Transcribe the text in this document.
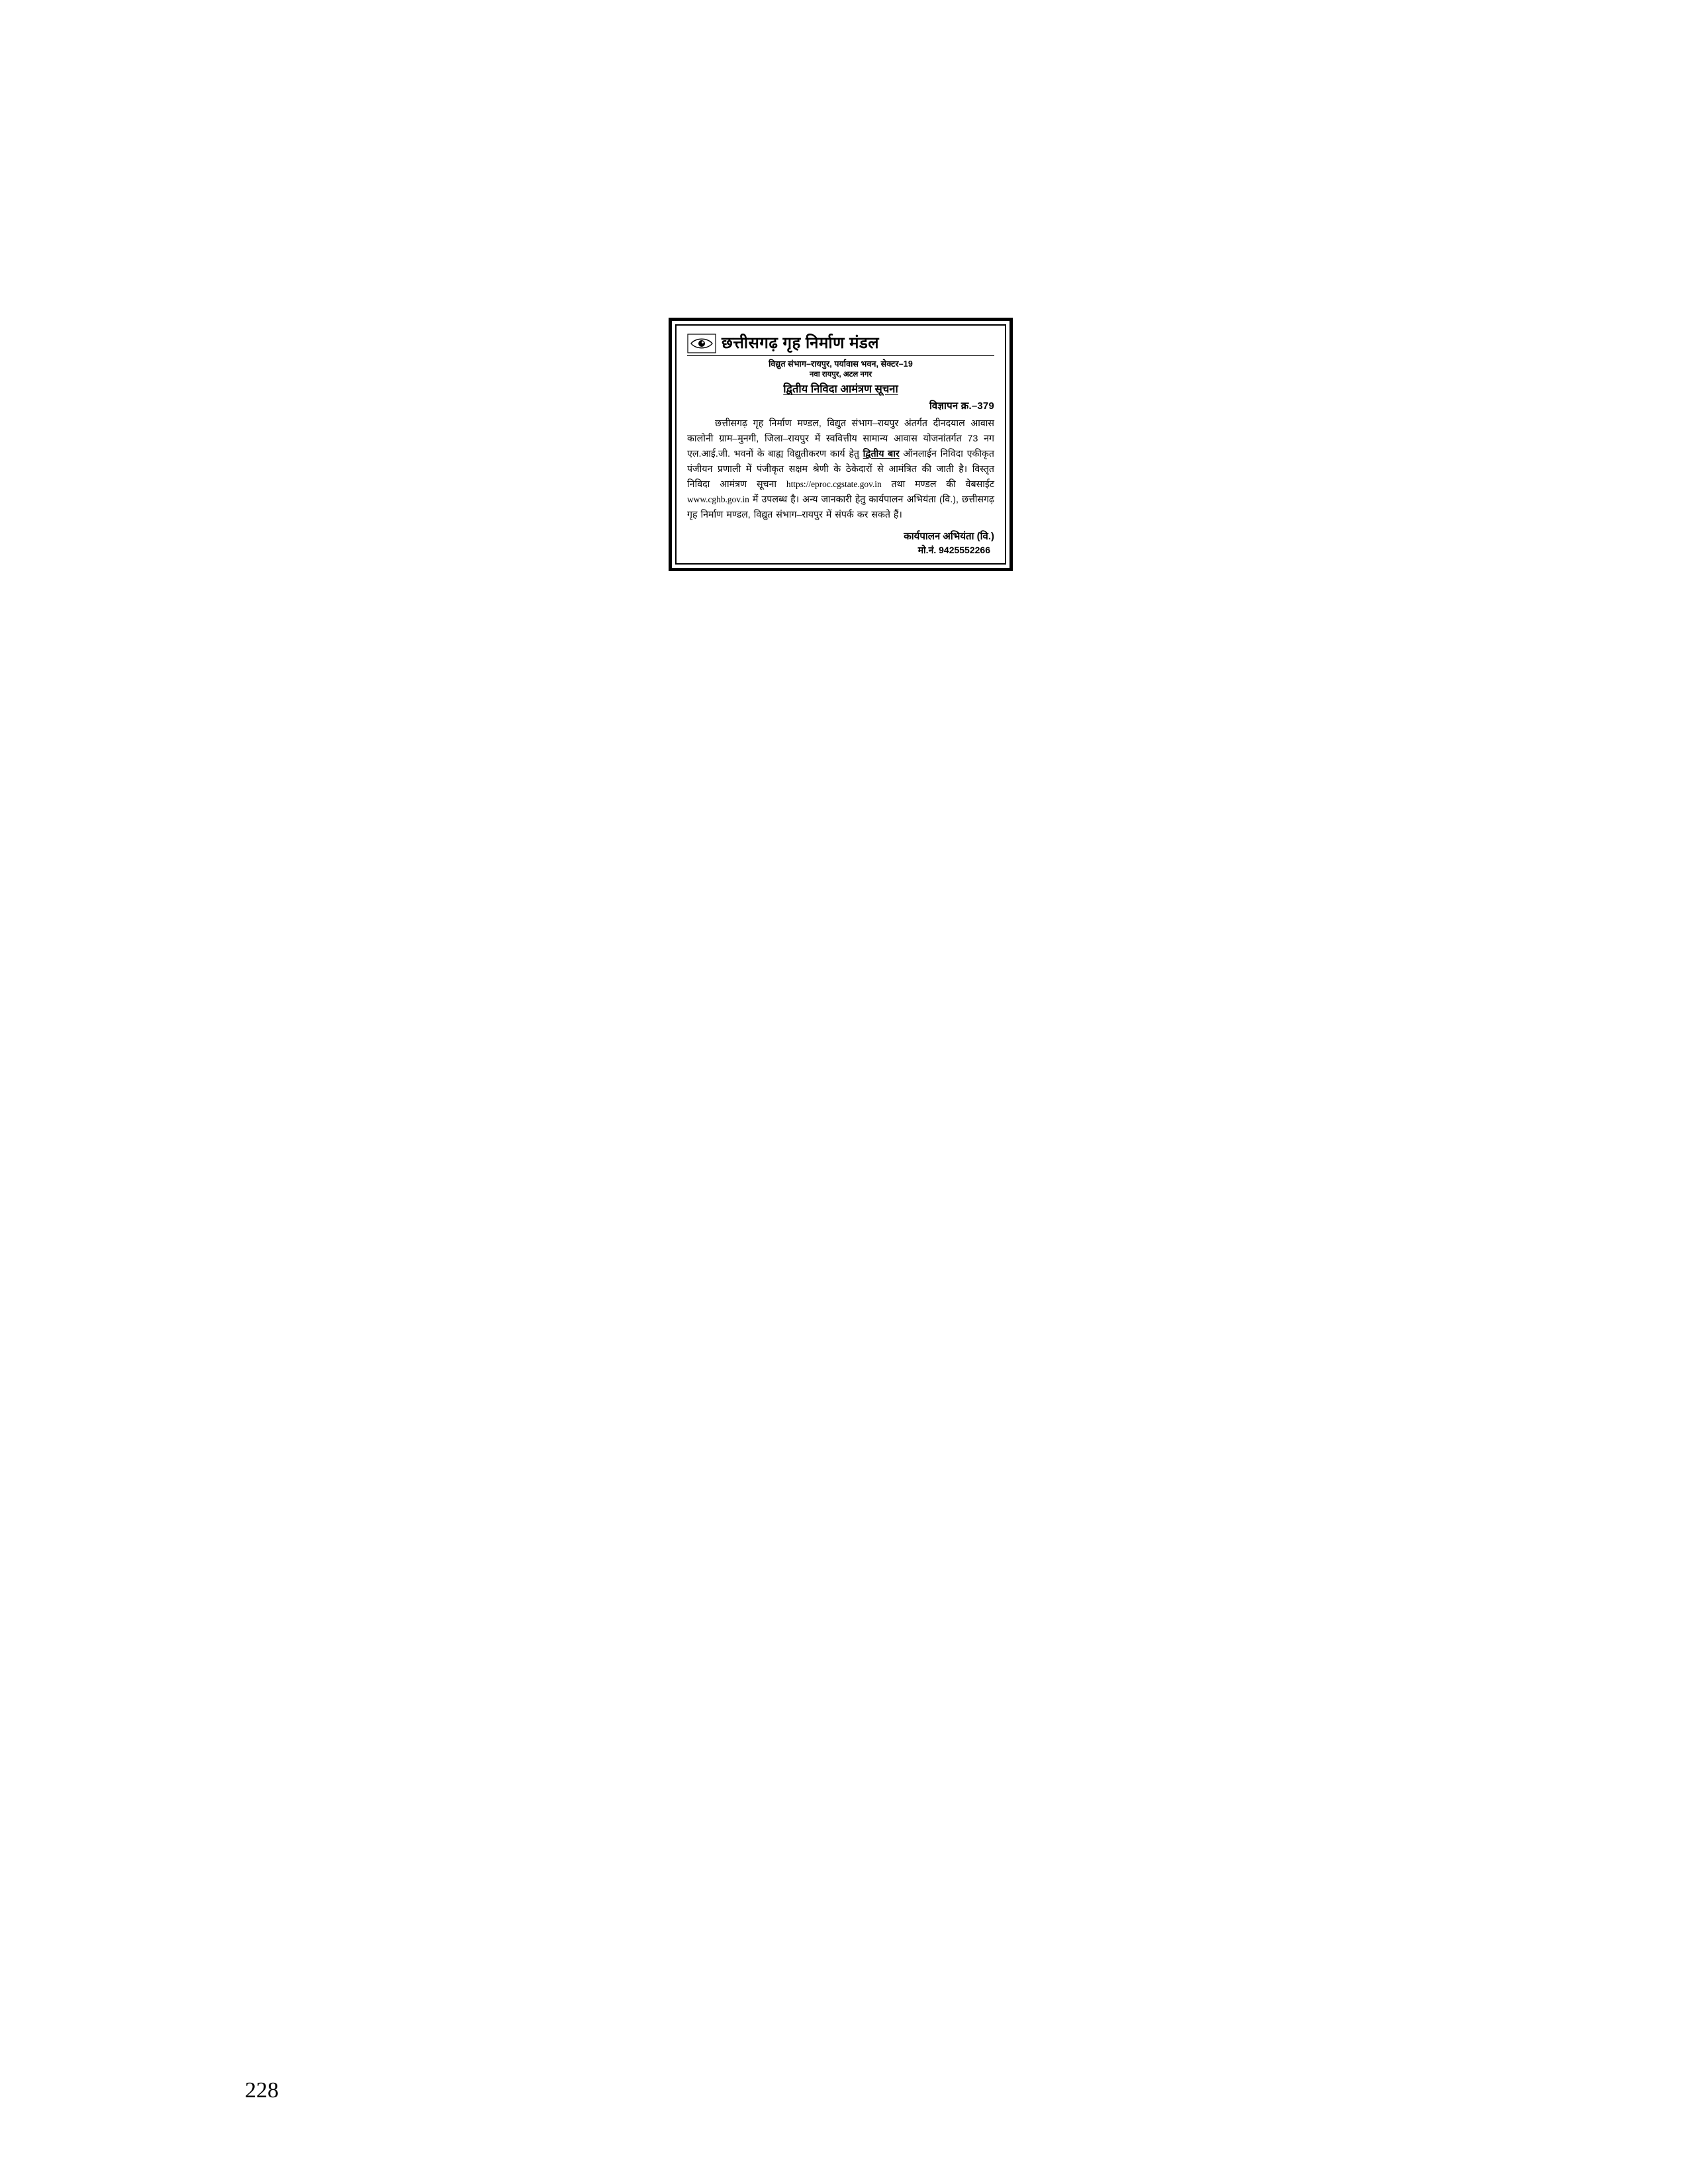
छत्तीसगढ़ गृह निर्माण मंडल
विद्युत संभाग–रायपुर, पर्यावास भवन, सेक्टर–19
नवा रायपुर, अटल नगर
द्वितीय निविदा आमंत्रण सूचना
विज्ञापन क्र.–379
छत्तीसगढ़ गृह निर्माण मण्डल, विद्युत संभाग–रायपुर अंतर्गत दीनदयाल आवास कालोनी ग्राम–मुनगी, जिला–रायपुर में स्ववित्तीय सामान्य आवास योजनांतर्गत 73 नग एल.आई.जी. भवनों के बाह्य विद्युतीकरण कार्य हेतु द्वितीय बार ऑनलाईन निविदा एकीकृत पंजीयन प्रणाली में पंजीकृत सक्षम श्रेणी के ठेकेदारों से आमंत्रित की जाती है। विस्तृत निविदा आमंत्रण सूचना https://eproc.cgstate.gov.in तथा मण्डल की वेबसाईट www.cghb.gov.in में उपलब्ध है। अन्य जानकारी हेतु कार्यपालन अभियंता (वि.), छत्तीसगढ़ गृह निर्माण मण्डल, विद्युत संभाग–रायपुर में संपर्क कर सकते हैं।
कार्यपालन अभियंता (वि.)
मो.नं. 9425552266
228
